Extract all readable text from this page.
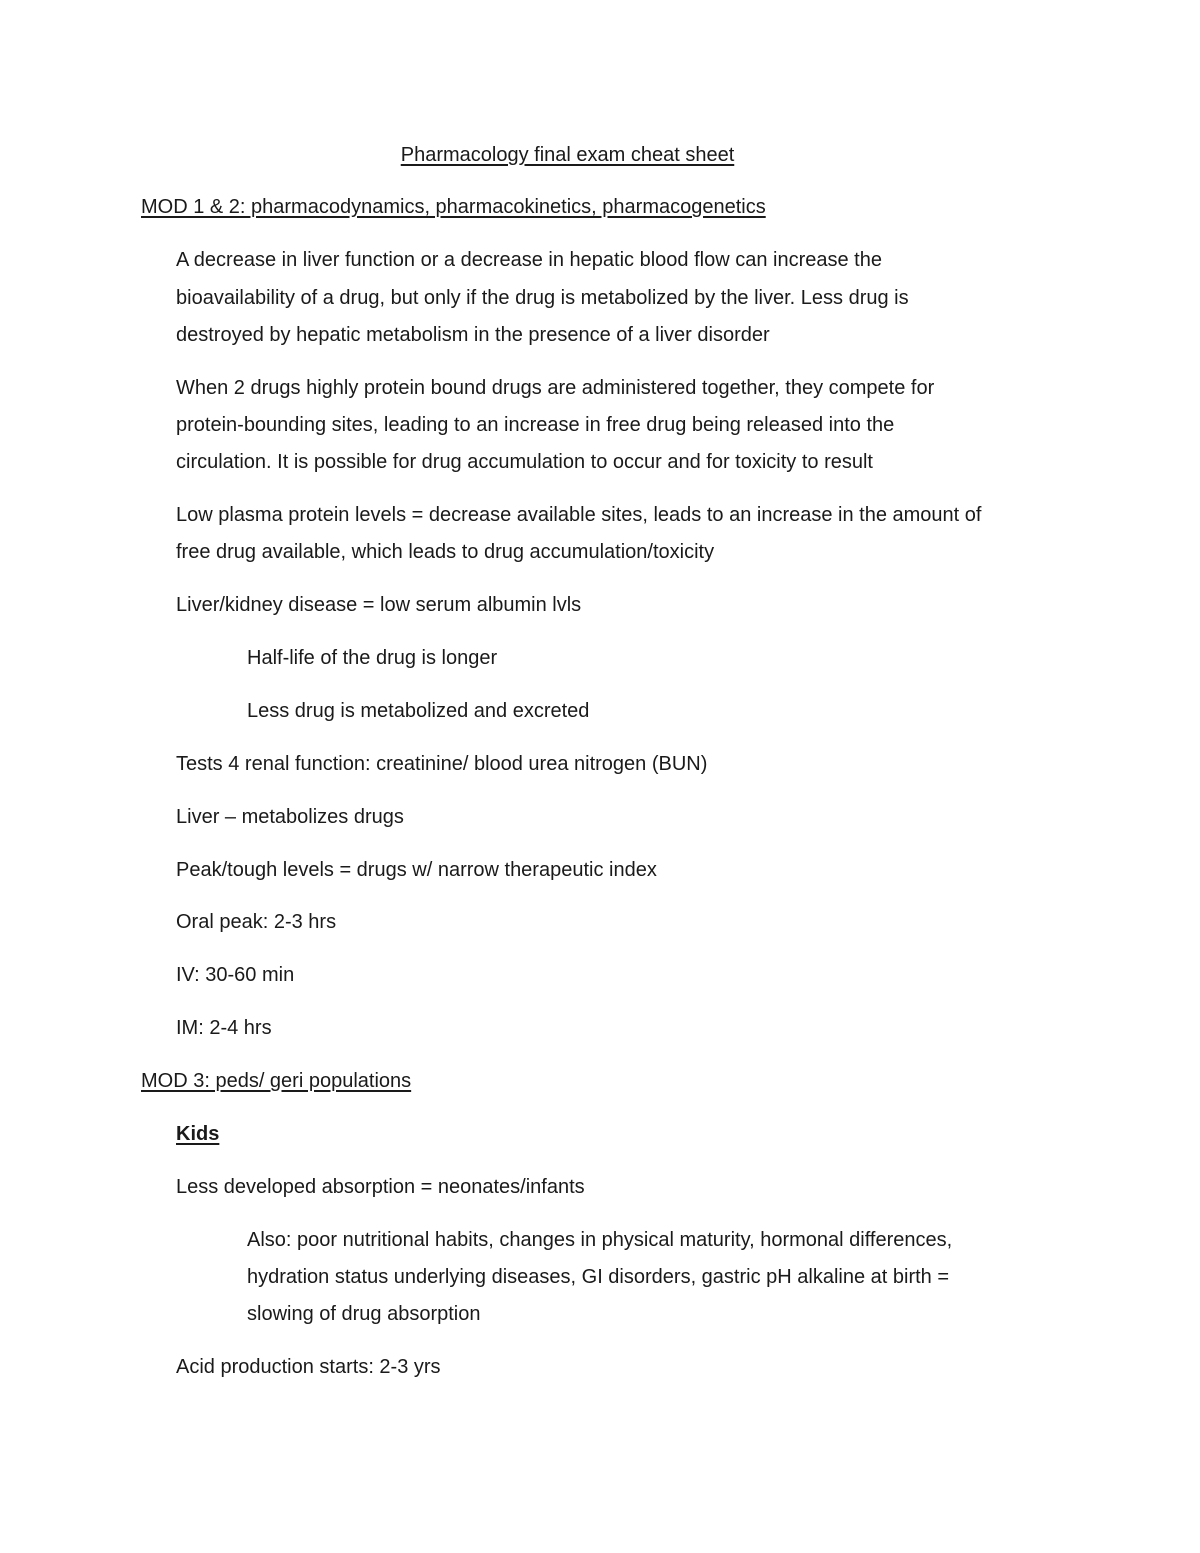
Pharmacology final exam cheat sheet
MOD 1 & 2: pharmacodynamics, pharmacokinetics, pharmacogenetics
A decrease in liver function or a decrease in hepatic blood flow can increase the
bioavailability of a drug, but only if the drug is metabolized by the liver. Less drug is
destroyed by hepatic metabolism in the presence of a liver disorder
When 2 drugs highly protein bound drugs are administered together, they compete for
protein-bounding sites, leading to an increase in free drug being released into the
circulation. It is possible for drug accumulation to occur and for toxicity to result
Low plasma protein levels = decrease available sites, leads to an increase in the amount of
free drug available, which leads to drug accumulation/toxicity
Liver/kidney disease = low serum albumin lvls
Half-life of the drug is longer
Less drug is metabolized and excreted
Tests 4 renal function: creatinine/ blood urea nitrogen (BUN)
Liver – metabolizes drugs
Peak/tough levels = drugs w/ narrow therapeutic index
Oral peak: 2-3 hrs
IV: 30-60 min
IM: 2-4 hrs
MOD 3: peds/ geri populations
Kids
Less developed absorption = neonates/infants
Also: poor nutritional habits, changes in physical maturity, hormonal differences,
hydration status underlying diseases, GI disorders, gastric pH alkaline at birth =
slowing of drug absorption
Acid production starts: 2-3 yrs
